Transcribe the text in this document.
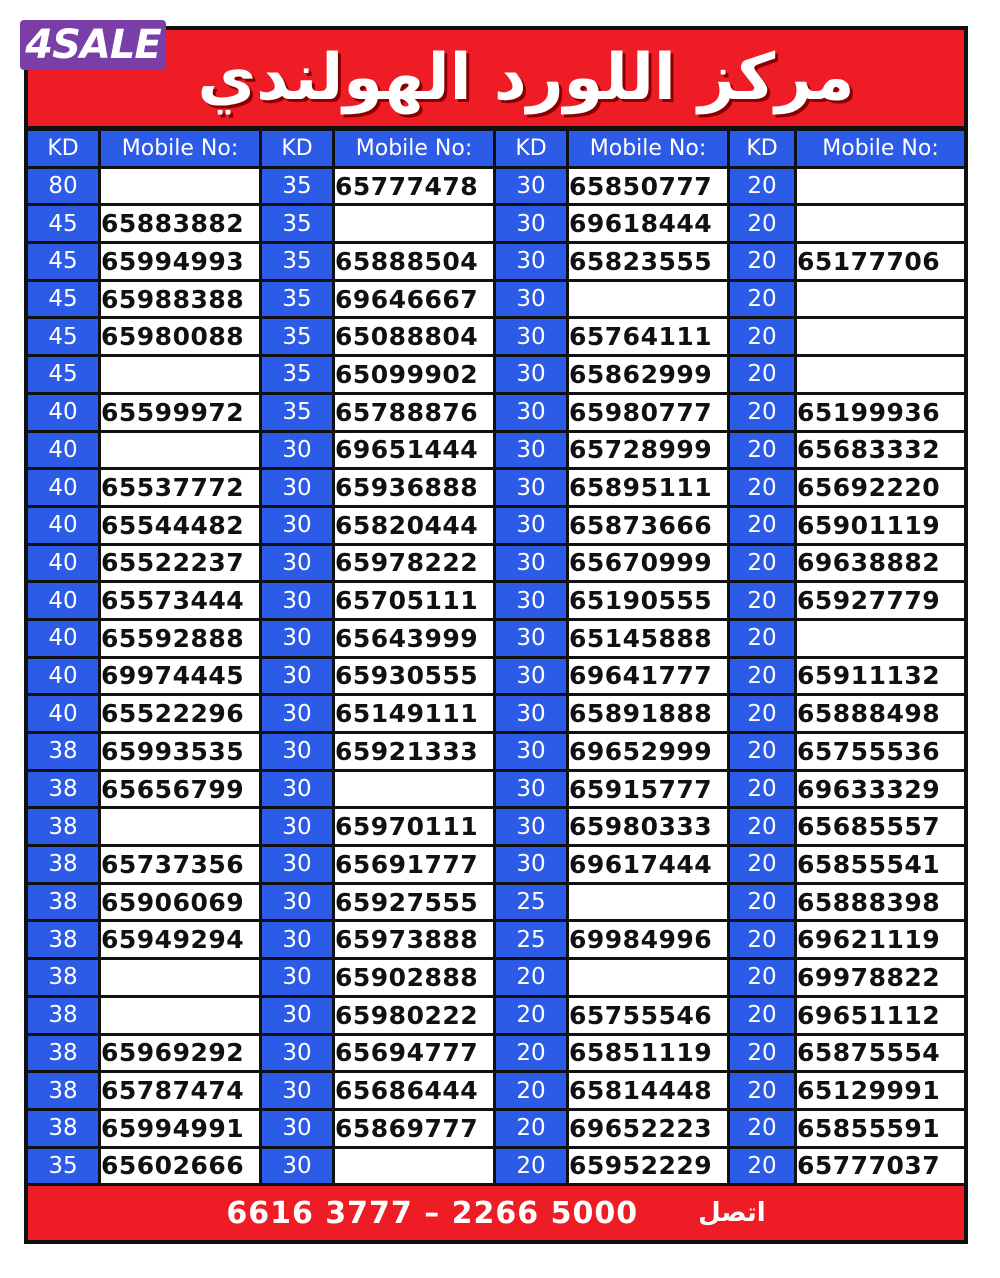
4SALE مركز اللورد الهولندي
KD	Mobile No:	KD	Mobile No:	KD	Mobile No:	KD	Mobile No:
80		35	65777478	30	65850777	20	
45	65883882	35		30	69618444	20	
45	65994993	35	65888504	30	65823555	20	65177706
45	65988388	35	69646667	30		20	
45	65980088	35	65088804	30	65764111	20	
45		35	65099902	30	65862999	20	
40	65599972	35	65788876	30	65980777	20	65199936
40		30	69651444	30	65728999	20	65683332
40	65537772	30	65936888	30	65895111	20	65692220
40	65544482	30	65820444	30	65873666	20	65901119
40	65522237	30	65978222	30	65670999	20	69638882
40	65573444	30	65705111	30	65190555	20	65927779
40	65592888	30	65643999	30	65145888	20	
40	69974445	30	65930555	30	69641777	20	65911132
40	65522296	30	65149111	30	65891888	20	65888498
38	65993535	30	65921333	30	69652999	20	65755536
38	65656799	30		30	65915777	20	69633329
38		30	65970111	30	65980333	20	65685557
38	65737356	30	65691777	30	69617444	20	65855541
38	65906069	30	65927555	25		20	65888398
38	65949294	30	65973888	25	69984996	20	69621119
38		30	65902888	20		20	69978822
38		30	65980222	20	65755546	20	69651112
38	65969292	30	65694777	20	65851119	20	65875554
38	65787474	30	65686444	20	65814448	20	65129991
38	65994991	30	65869777	20	69652223	20	65855591
35	65602666	30		20	65952229	20	65777037
6616 3777 – 2266 5000 اتصل
